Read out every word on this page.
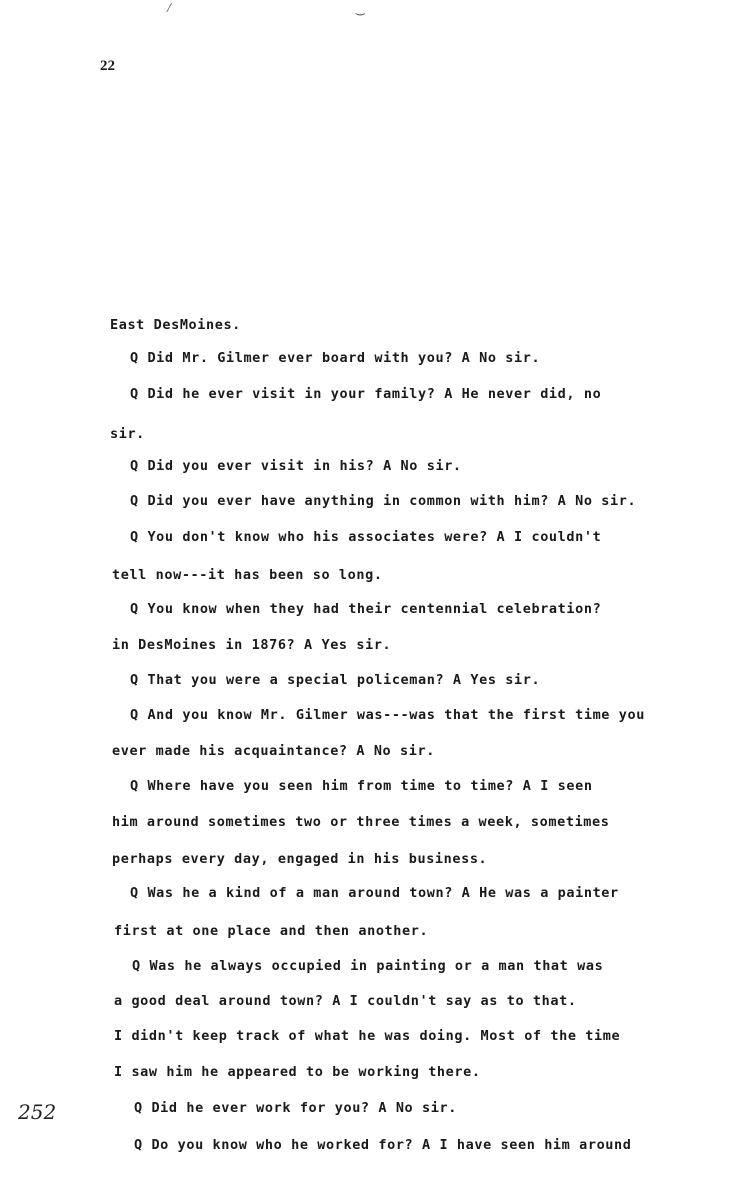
⁄	‿
22
252
East DesMoines.
Q Did Mr. Gilmer ever board with you? A No sir.
Q Did he ever visit in your family? A He never did, no
sir.
Q Did you ever visit in his? A No sir.
Q Did you ever have anything in common with him? A No sir.
Q You don't know who his associates were? A I couldn't
tell now---it has been so long.
Q You know when they had their centennial celebration?
in DesMoines in 1876? A Yes sir.
Q That you were a special policeman? A Yes sir.
Q And you know Mr. Gilmer was---was that the first time you
ever made his acquaintance? A No sir.
Q Where have you seen him from time to time? A I seen
him around sometimes two or three times a week, sometimes
perhaps every day, engaged in his business.
Q Was he a kind of a man around town? A He was a painter
first at one place and then another.
Q Was he always occupied in painting or a man that was
a good deal around town? A I couldn't say as to that.
I didn't keep track of what he was doing. Most of the time
I saw him he appeared to be working there.
Q Did he ever work for you? A No sir.
Q Do you know who he worked for? A I have seen him around
